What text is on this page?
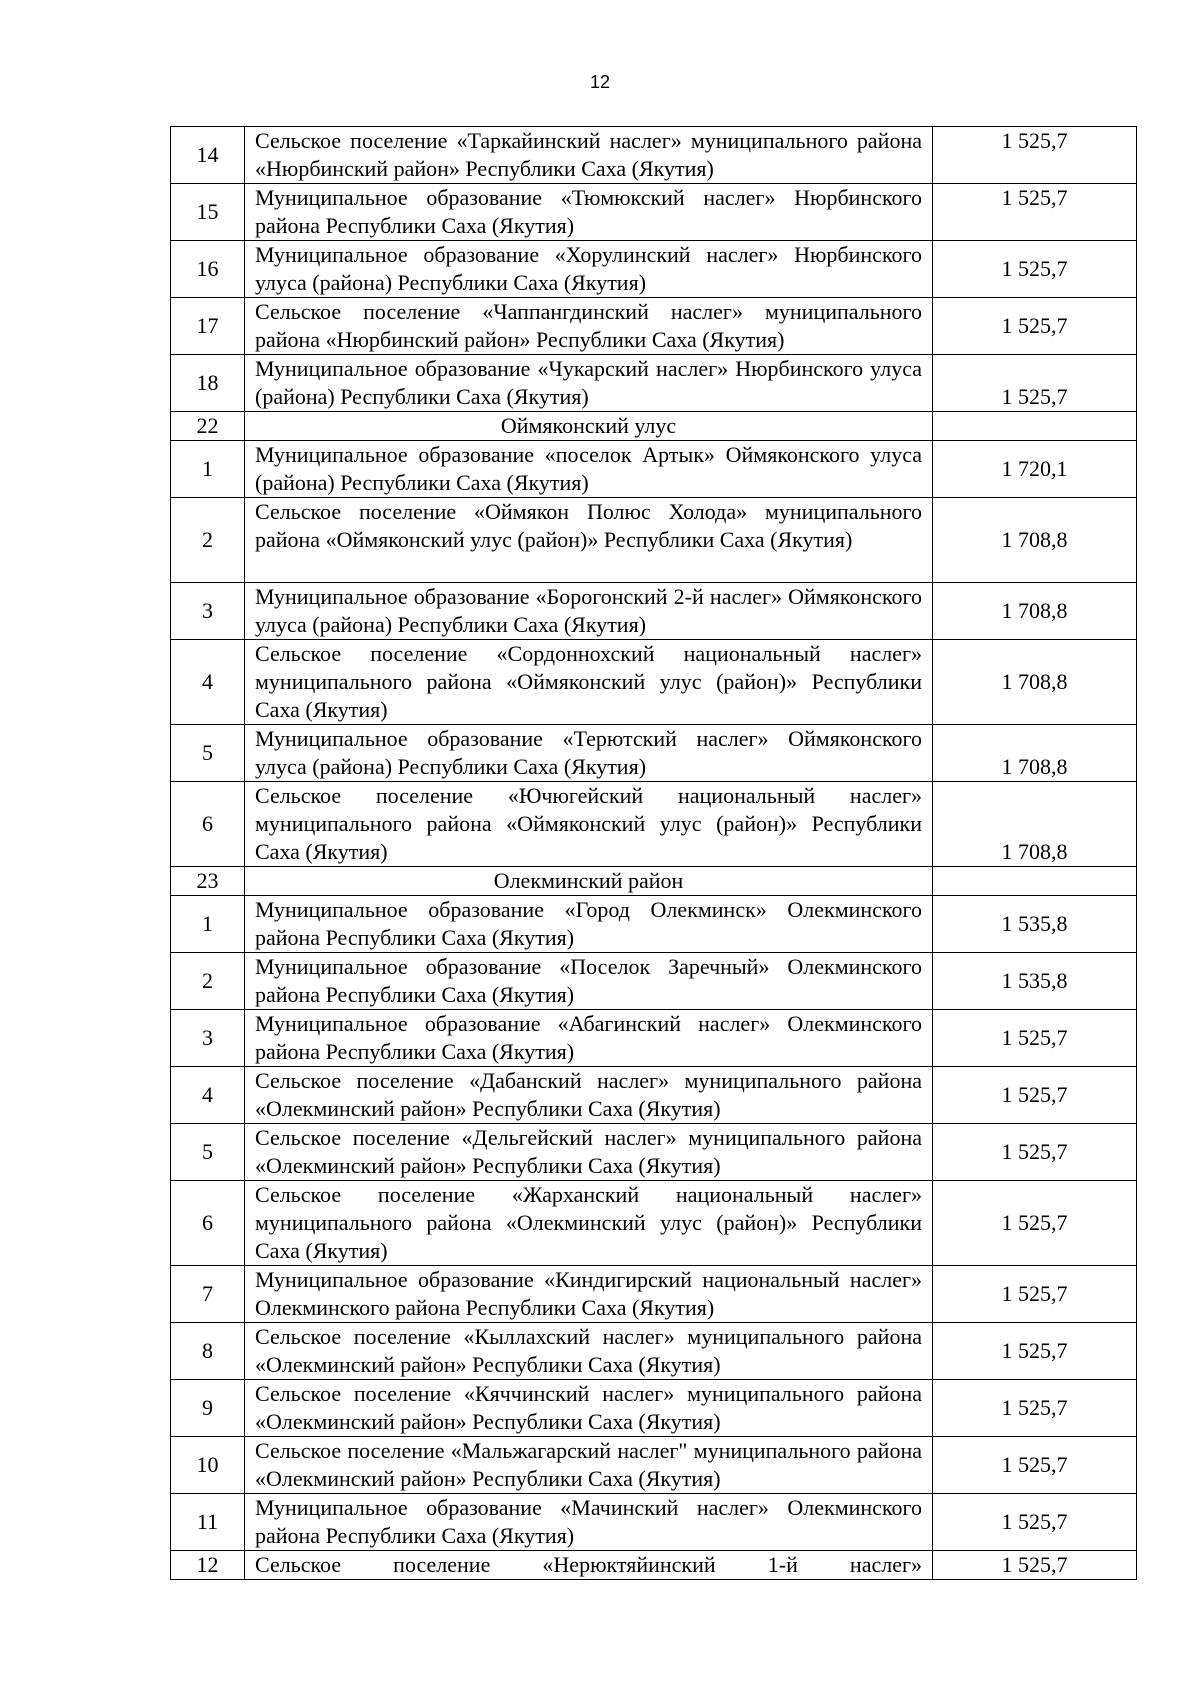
12
14	Сельское поселение «Таркайинский наслег» муниципального района «Нюрбинский район» Республики Саха (Якутия)	1 525,7
15	Муниципальное образование «Тюмюкский наслег» Нюрбинского района Республики Саха (Якутия)	1 525,7
16	Муниципальное образование «Хорулинский наслег» Нюрбинского улуса (района) Республики Саха (Якутия)	1 525,7
17	Сельское поселение «Чаппангдинский наслег» муниципального района «Нюрбинский район» Республики Саха (Якутия)	1 525,7
18	Муниципальное образование «Чукарский наслег» Нюрбинского улуса (района) Республики Саха (Якутия)	1 525,7
22	Оймяконский улус	
1	Муниципальное образование «поселок Артык» Оймяконского улуса (района) Республики Саха (Якутия)	1 720,1
2	Сельское поселение «Оймякон Полюс Холода» муниципального района «Оймяконский улус (район)» Республики Саха (Якутия)	1 708,8
3	Муниципальное образование «Борогонский 2-й наслег» Оймяконского улуса (района) Республики Саха (Якутия)	1 708,8
4	Сельское поселение «Сордоннохский национальный наслег» муниципального района «Оймяконский улус (район)» Республики Саха (Якутия)	1 708,8
5	Муниципальное образование «Терютский наслег» Оймяконского улуса (района) Республики Саха (Якутия)	1 708,8
6	Сельское поселение «Ючюгейский национальный наслег» муниципального района «Оймяконский улус (район)» Республики Саха (Якутия)	1 708,8
23	Олекминский район	
1	Муниципальное образование «Город Олекминск» Олекминского района Республики Саха (Якутия)	1 535,8
2	Муниципальное образование «Поселок Заречный» Олекминского района Республики Саха (Якутия)	1 535,8
3	Муниципальное образование «Абагинский наслег» Олекминского района Республики Саха (Якутия)	1 525,7
4	Сельское поселение «Дабанский наслег» муниципального района «Олекминский район» Республики Саха (Якутия)	1 525,7
5	Сельское поселение «Дельгейский наслег» муниципального района «Олекминский район» Республики Саха (Якутия)	1 525,7
6	Сельское поселение «Жарханский национальный наслег» муниципального района «Олекминский улус (район)» Республики Саха (Якутия)	1 525,7
7	Муниципальное образование «Киндигирский национальный наслег» Олекминского района Республики Саха (Якутия)	1 525,7
8	Сельское поселение «Кыллахский наслег» муниципального района «Олекминский район» Республики Саха (Якутия)	1 525,7
9	Сельское поселение «Кяччинский наслег» муниципального района «Олекминский район» Республики Саха (Якутия)	1 525,7
10	Сельское поселение «Мальжагарский наслег" муниципального района «Олекминский район» Республики Саха (Якутия)	1 525,7
11	Муниципальное образование «Мачинский наслег» Олекминского района Республики Саха (Якутия)	1 525,7
12	Сельское поселение «Нерюктяйинский 1-й наслег»	1 525,7
